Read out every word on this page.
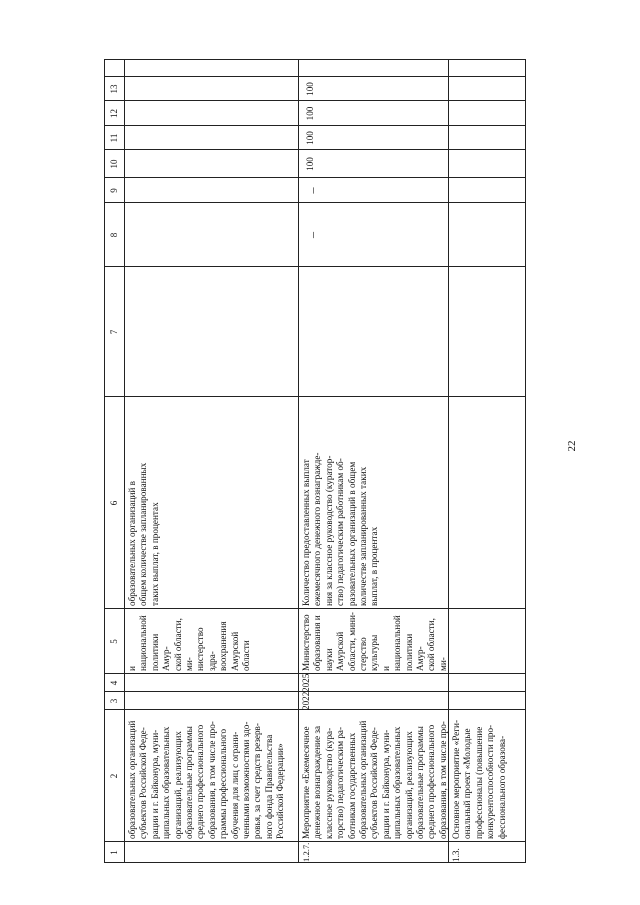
22
1
2
3
4
5
6
7
8
9
10
11
12
13
образовательных организаций
субъектов Российской Феде-
рации и г. Байконура, муни-
ципальных образовательных
организаций, реализующих
образовательные программы
среднего профессионального
образования, в том числе про-
граммы профессионального
обучения для лиц с ограни-
ченными возможностями здо-
ровья, за счет средств резерв-
ного фонда Правительства
Российской Федерации»
и национальной
политики Амур-
ской области, ми-
нистерство здра-
воохранения
Амурской области
образовательных организаций в
общем количестве запланированных
таких выплат, в процентах
1.2.7.
Мероприятие «Ежемесячное
денежное вознаграждение за
классное руководство (кура-
торство) педагогическим ра-
ботникам государственных
образовательных организаций
субъектов Российской Феде-
рации и г. Байконура, муни-
ципальных образовательных
организаций, реализующих
образовательные программы
среднего профессионального
образования, в том числе про-

2022
2025
Министерство
образования и
науки Амурской
области, мини-
стерство культуры
и национальной
политики Амур-
ской области, ми-

Количество предоставленных выплат
ежемесячного денежного вознагражде-
ния за классное руководство (куратор-
ство) педагогическим работникам об-
разовательных организаций в общем
количестве запланированных таких
выплат, в процентах
–
–
100
100
100
100
1.3.
Основное мероприятие «Реги-
ональный проект «Молодые
профессионалы (повышение
конкурентоспособности про-
фессионального образова-
